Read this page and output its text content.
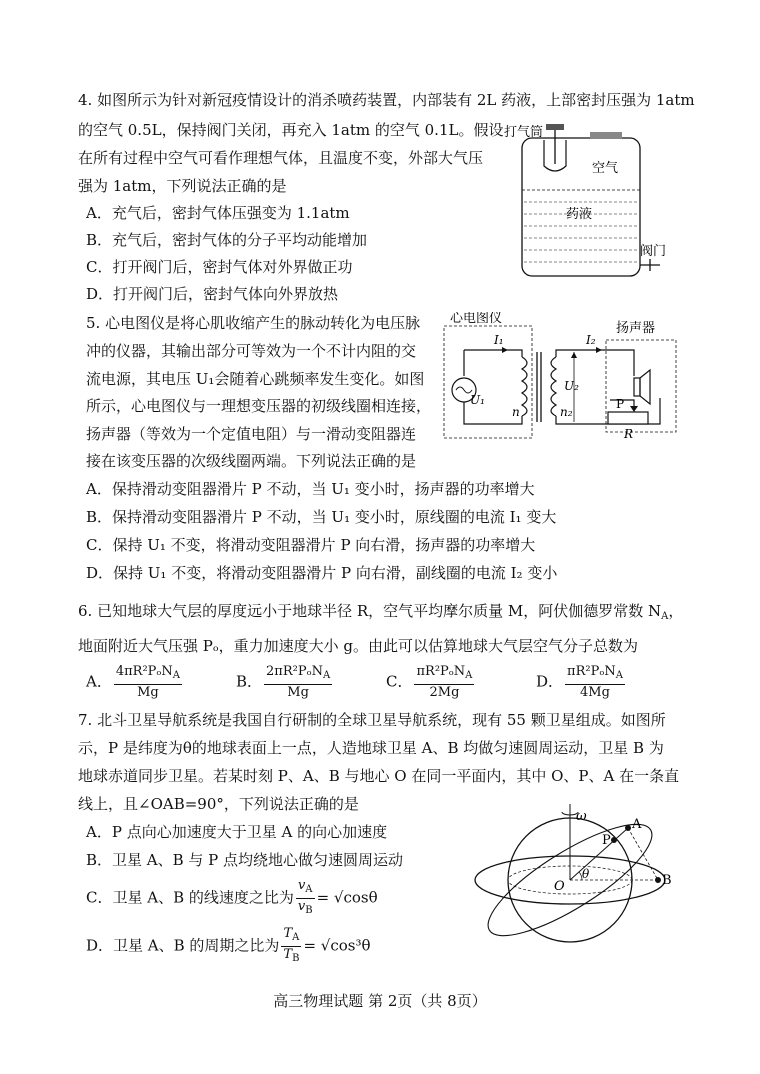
4. 如图所示为针对新冠疫情设计的消杀喷药装置，内部装有 2L 药液，上部密封压强为 1atm
的空气 0.5L，保持阀门关闭，再充入 1atm 的空气 0.1L。假设
在所有过程中空气可看作理想气体，且温度不变，外部大气压
强为 1atm，下列说法正确的是
A．充气后，密封气体压强变为 1.1atm
B．充气后，密封气体的分子平均动能增加
C．打开阀门后，密封气体对外界做正功
D．打开阀门后，密封气体向外界放热
打气筒
空气
药液
阀门
5. 心电图仪是将心肌收缩产生的脉动转化为电压脉
冲的仪器，其输出部分可等效为一个不计内阻的交
流电源，其电压 U₁会随着心跳频率发生变化。如图
所示，心电图仪与一理想变压器的初级线圈相连接，
扬声器（等效为一个定值电阻）与一滑动变阻器连
接在该变压器的次级线圈两端。下列说法正确的是
A．保持滑动变阻器滑片 P 不动，当 U₁ 变小时，扬声器的功率增大
B．保持滑动变阻器滑片 P 不动，当 U₁ 变小时，原线圈的电流 I₁ 变大
C．保持 U₁ 不变，将滑动变阻器滑片 P 向右滑，扬声器的功率增大
D．保持 U₁ 不变，将滑动变阻器滑片 P 向右滑，副线圈的电流 I₂ 变小
心电图仪
扬声器
I₁	I₂
U₁
U₂
n	n₂
P
R
6. 已知地球大气层的厚度远小于地球半径 R，空气平均摩尔质量 M，阿伏伽德罗常数 $N_A$，
地面附近大气压强 Pₒ，重力加速度大小 g。由此可以估算地球大气层空气分子总数为
A． $\frac{4\pi R^2P_oN_A}{Mg}$	B． $\frac{2\pi R^2P_oN_A}{Mg}$	C． $\frac{\pi R^2P_oN_A}{2Mg}$	D． $\frac{\pi R^2P_oN_A}{4Mg}$
7. 北斗卫星导航系统是我国自行研制的全球卫星导航系统，现有 55 颗卫星组成。如图所
示，P 是纬度为θ的地球表面上一点，人造地球卫星 A、B 均做匀速圆周运动，卫星 B 为
地球赤道同步卫星。若某时刻 P、A、B 与地心 O 在同一平面内，其中 O、P、A 在一条直
线上，且∠OAB=90°，下列说法正确的是
A．P 点向心加速度大于卫星 A 的向心加速度
B．卫星 A、B 与 P 点均绕地心做匀速圆周运动
C．卫星 A、B 的线速度之比为 $\frac{v_A}{v_B} = √\cos\theta$
D．卫星 A、B 的周期之比为 $\frac{T_A}{T_B} = √\cos^3\theta$
ω
P
A
B
O
θ
高三物理试题 第 2页（共 8页）
